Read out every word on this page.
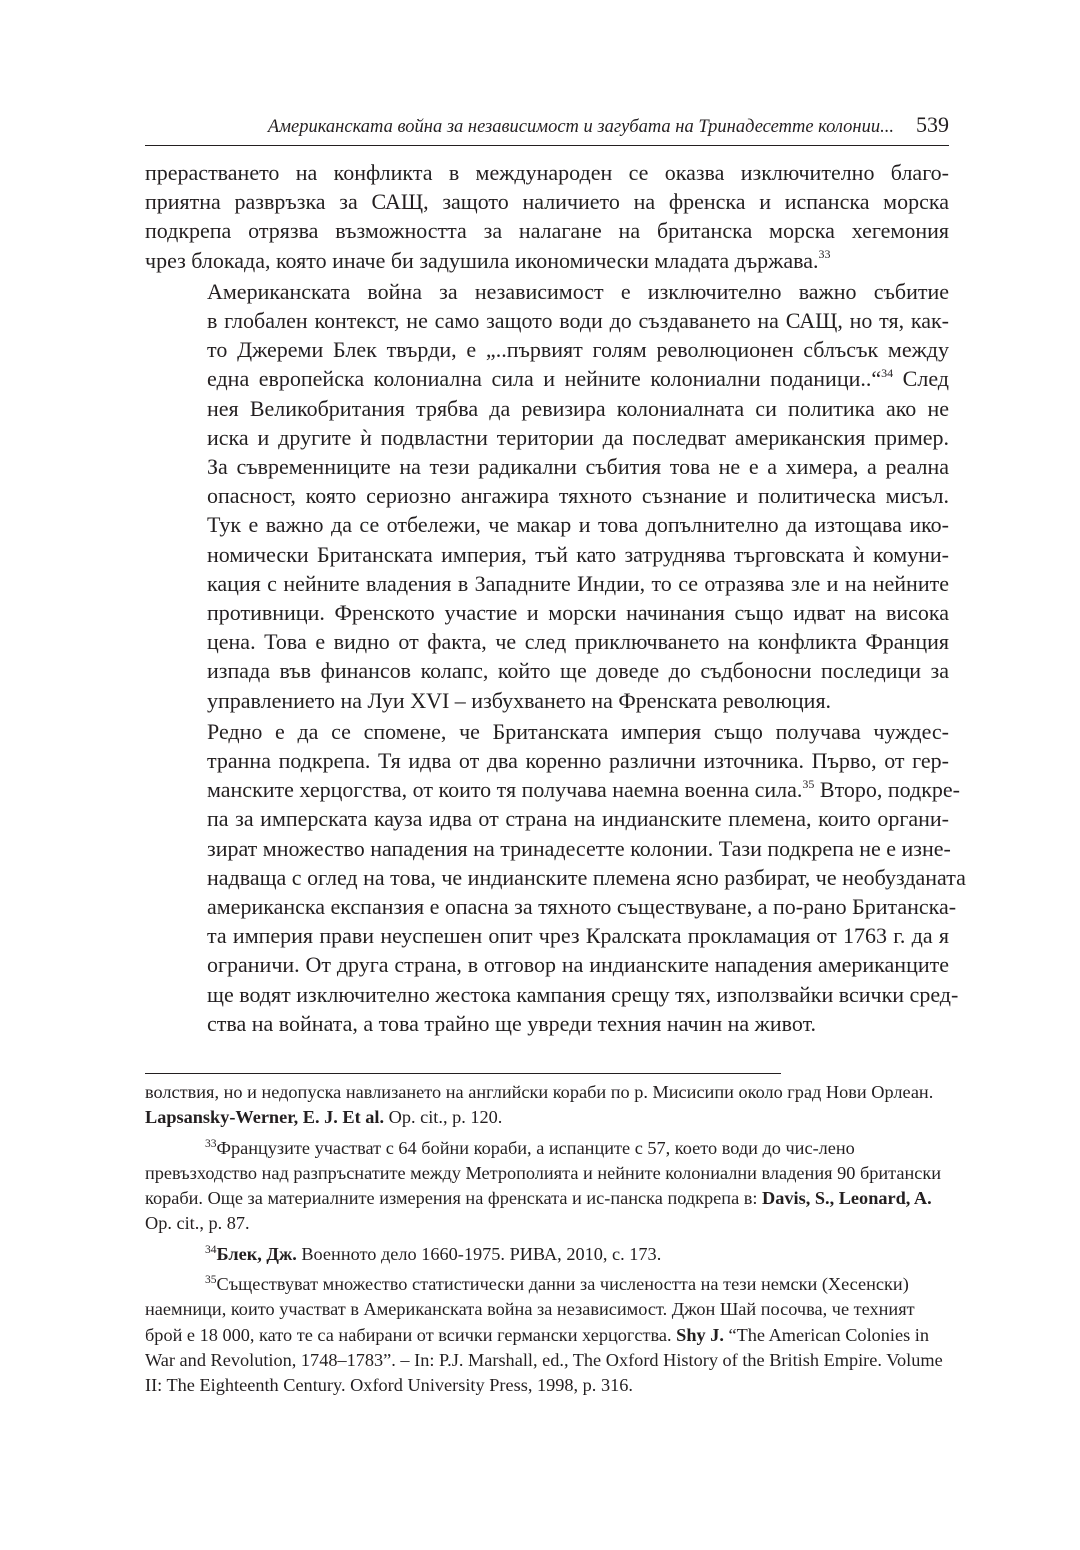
Американската война за независимост и загубата на Тринадесетте колонии... 539

прерастването на конфликта в международен се оказва изключително благо-
приятна развръзка за САЩ, защото наличието на френска и испанска морска
подкрепа отрязва възможността за налагане на британска морска хегемония
чрез блокада, която иначе би задушила икономически младата държава.$^{33}$

Американската война за независимост е изключително важно събитие
в глобален контекст, не само защото води до създаването на САЩ, но тя, как-
то Джереми Блек твърди, е „..първият голям революционен сблъсък между
една европейска колониална сила и нейните колониални поданици..“$^{34}$ След
нея Великобритания трябва да ревизира колониалната си политика ако не
иска и другите ѝ подвластни територии да последват американския пример.
За съвременниците на тези радикални събития това не е а химера, а реална
опасност, която сериозно ангажира тяхното съзнание и политическа мисъл.
Тук е важно да се отбележи, че макар и това допълнително да изтощава ико-
номически Британската империя, тъй като затруднява търговската ѝ комуни-
кация с нейните владения в Западните Индии, то се отразява зле и на нейните
противници. Френското участие и морски начинания също идват на висока
цена. Това е видно от факта, че след приключването на конфликта Франция
изпада във финансов колапс, който ще доведе до съдбоносни последици за
управлението на Луи XVI – избухването на Френската революция.

Редно е да се спомене, че Британската империя също получава чуждес-
транна подкрепа. Тя идва от два коренно различни източника. Първо, от гер-
манските херцогства, от които тя получава наемна военна сила.$^{35}$ Второ, подкре-
па за имперската кауза идва от страна на индианските племена, които органи-
зират множество нападения на тринадесетте колонии. Тази подкрепа не е изне-
надваща с оглед на това, че индианските племена ясно разбират, че необузданата
американска експанзия е опасна за тяхното съществуване, а по-рано Британска-
та империя прави неуспешен опит чрез Кралската прокламация от 1763 г. да я
ограничи. От друга страна, в отговор на индианските нападения американците
ще водят изключително жестока кампания срещу тях, използвайки всички сред-
ства на войната, а това трайно ще увреди техния начин на живот.

волствия, но и недопуска навлизането на английски кораби по р. Мисисипи около град Нови Орлеан. Lapsansky-Werner, E. J. Et al. Op. cit., p. 120.

$^{33}$Французите участват с 64 бойни кораби, а испанците с 57, което води до чис-лено превъзходство над разпръснатите между Метрополията и нейните колониални владения 90 британски кораби. Още за материалните измерения на френската и ис-панска подкрепа в: Davis, S., Leonard, A. Op. cit., p. 87.

$^{34}$Блек, Дж. Военното дело 1660-1975. РИВА, 2010, с. 173.

$^{35}$Съществуват множество статистически данни за числеността на тези немски (Хесенски) наемници, които участват в Американската война за независимост. Джон Шай посочва, че техният брой е 18 000, като те са набирани от всички германски херцогства. Shy J. “The American Colonies in War and Revolution, 1748–1783”. – In: P.J. Marshall, ed., The Oxford History of the British Empire. Volume II: The Eighteenth Century. Oxford University Press, 1998, p. 316.
